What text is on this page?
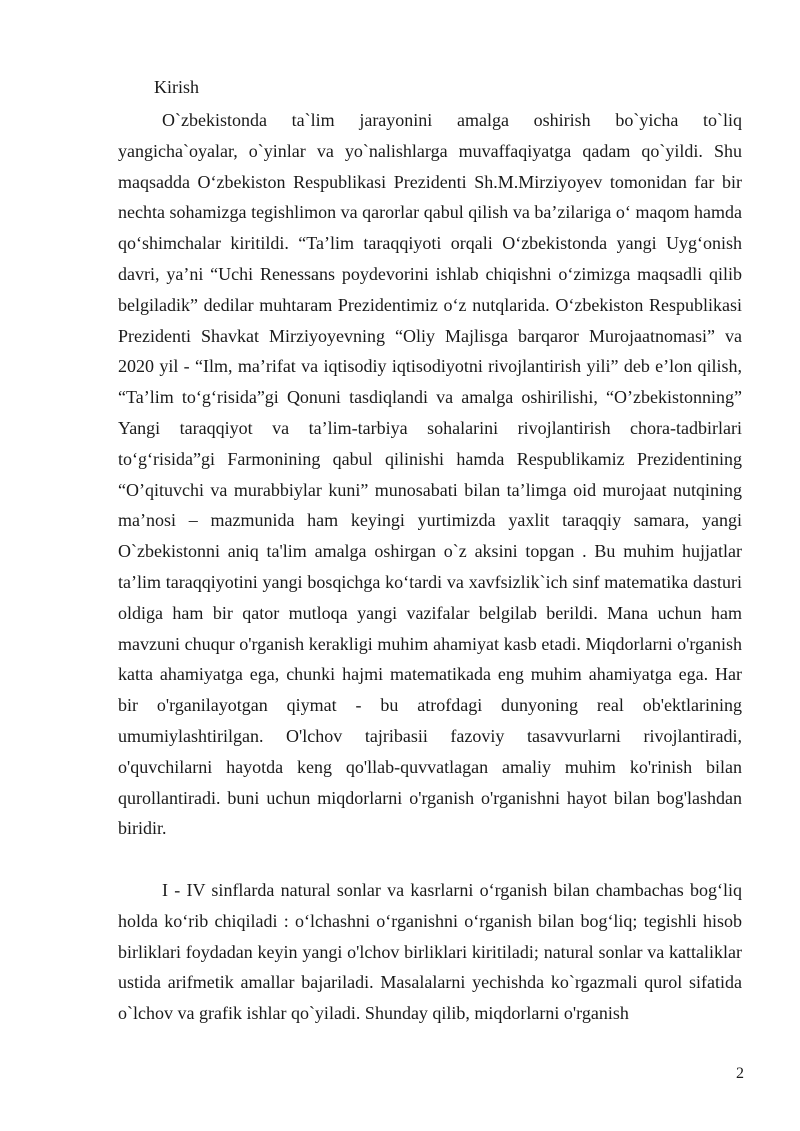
Kirish

O`zbekistonda ta`lim jarayonini amalga oshirish bo`yicha to`liq yangicha`oyalar, o`yinlar va yo`nalishlarga muvaffaqiyatga qadam qo`yildi. Shu maqsadda O‘zbekiston Respublikasi Prezidenti Sh.M.Mirziyoyev tomonidan far bir nechta sohamizga tegishlimon va qarorlar qabul qilish va ba’zilariga o‘ maqom hamda qo‘shimchalar kiritildi. “Ta’lim taraqqiyoti orqali O‘zbekistonda yangi Uyg‘onish davri, ya’ni “Uchi Renessans poydevorini ishlab chiqishni o‘zimizga maqsadli qilib belgiladik” dedilar muhtaram Prezidentimiz o‘z nutqlarida. O‘zbekiston Respublikasi Prezidenti Shavkat Mirziyoyevning “Oliy Majlisga barqaror Murojaatnomasi” va 2020 yil - “Ilm, ma’rifat va iqtisodiy iqtisodiyotni rivojlantirish yili” deb e’lon qilish, “Ta’lim to‘g‘risida”gi Qonuni tasdiqlandi va amalga oshirilishi, “O’zbekistonning” Yangi taraqqiyot va ta’lim-tarbiya sohalarini rivojlantirish chora-tadbirlari to‘g‘risida”gi Farmonining qabul qilinishi hamda Respublikamiz Prezidentining “O’qituvchi va murabbiylar kuni” munosabati bilan ta’limga oid murojaat nutqining ma’nosi – mazmunida ham keyingi yurtimizda yaxlit taraqqiy samara, yangi O`zbekistonni aniq ta'lim amalga oshirgan o`z aksini topgan . Bu muhim hujjatlar ta’lim taraqqiyotini yangi bosqichga ko‘tardi va xavfsizlik`ich sinf matematika dasturi oldiga ham bir qator mutloqa yangi vazifalar belgilab berildi. Mana uchun ham mavzuni chuqur o'rganish kerakligi muhim ahamiyat kasb etadi. Miqdorlarni o'rganish katta ahamiyatga ega, chunki hajmi matematikada eng muhim ahamiyatga ega. Har bir o'rganilayotgan qiymat - bu atrofdagi dunyoning real ob'ektlarining umumiylashtirilgan. O'lchov tajribasii fazoviy tasavvurlarni rivojlantiradi, o'quvchilarni hayotda keng qo'llab-quvvatlagan amaliy muhim ko'rinish bilan qurollantiradi. buni uchun miqdorlarni o'rganish o'rganishni hayot bilan bog'lashdan biridir.

I - IV sinflarda natural sonlar va kasrlarni o‘rganish bilan chambachas bog‘liq holda ko‘rib chiqiladi : o‘lchashni o‘rganishni o‘rganish bilan bog‘liq; tegishli hisob birliklari foydadan keyin yangi o'lchov birliklari kiritiladi; natural sonlar va kattaliklar ustida arifmetik amallar bajariladi. Masalalarni yechishda ko`rgazmali qurol sifatida o`lchov va grafik ishlar qo`yiladi. Shunday qilib, miqdorlarni o'rganish

2
